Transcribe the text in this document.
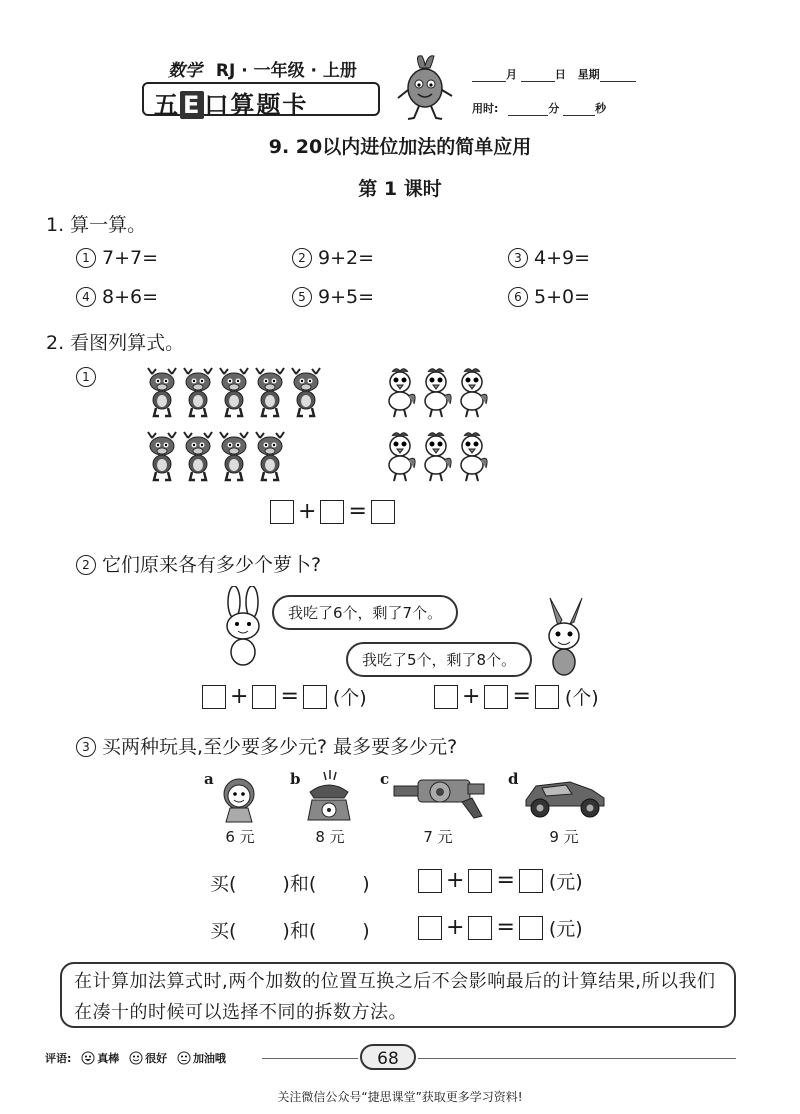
数学 RJ · 一年级 · 上册
五 E 口算题卡
月	日 星期
用时:	分	秒
9. 20以内进位加法的简单应用
第 1 课时
1. 算一算。
1 7+7=	2 9+2=	3 4+9=
4 8+6=	5 9+5=	6 5+0=
2. 看图列算式。
1
+ =
2 它们原来各有多少个萝卜?
我吃了6个，剩了7个。
我吃了5个，剩了8个。
+ = (个)	+ = (个)
3 买两种玩具,至少要多少元? 最多要多少元?
a
6 元
b
8 元
c
7 元
d
9 元
买( )和( )	+ = (元)
买( )和( )	+ = (元)
在计算加法算式时,两个加数的位置互换之后不会影响最后的计算结果,所以我们在凑十的时候可以选择不同的拆数方法。
评语: 真棒 很好 加油哦	68
关注微信公众号“捷思课堂”获取更多学习资料!
